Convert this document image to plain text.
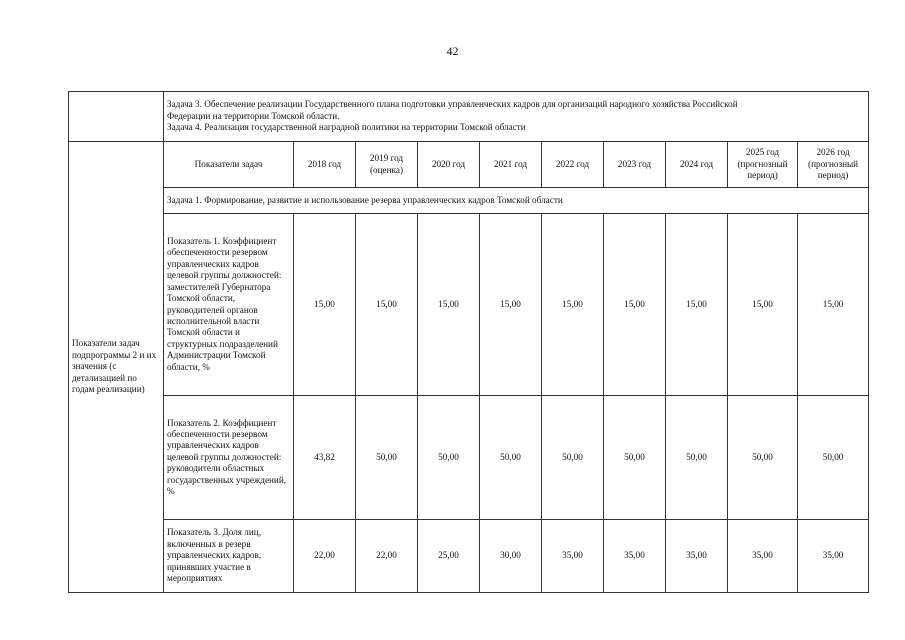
42

	Задача 3. Обеспечение реализации Государственного плана подготовки управленческих кадров для организаций народного хозяйства Российской
Федерации на территории Томской области.
Задача 4. Реализация государственной наградной политики на территории Томской области									

Показатели задач подпрограммы 2 и их значения (с детализацией по годам реализации)	Показатели задач	2018 год	2019 год (оценка)	2020 год	2021 год	2022 год	2023 год	2024 год	2025 год (прогнозный период)	2026 год (прогнозный период)
	Задача 1. Формирование, развитие и использование резерва управленческих кадров Томской области									
	Показатель 1. Коэффициент обеспеченности резервом управленческих кадров целевой группы должностей: заместителей Губернатора Томской области, руководителей органов исполнительной власти Томской области и структурных подразделений Администрации Томской области, %	15,00	15,00	15,00	15,00	15,00	15,00	15,00	15,00	15,00
	Показатель 2. Коэффициент обеспеченности резервом управленческих кадров целевой группы должностей: руководители областных государственных учреждений, %	43,82	50,00	50,00	50,00	50,00	50,00	50,00	50,00	50,00
	Показатель 3. Доля лиц, включенных в резерв управленческих кадров, принявших участие в мероприятиях	22,00	22,00	25,00	30,00	35,00	35,00	35,00	35,00	35,00
